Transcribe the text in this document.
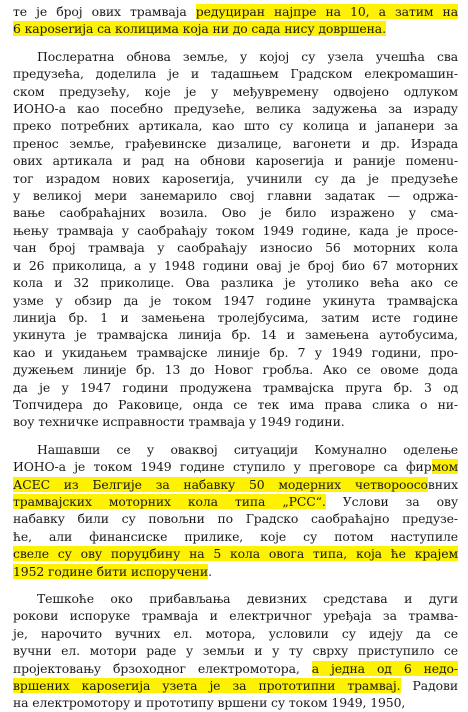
те је број ових трамваја редуциран најпре на 10, а затим на
6 кароserија са колицима која ни до сада нису довршена.
Послератна обнова земље, у којој су узела учешћа сва
предузећа, доделила је и тадашњем Градском елекромашин-
ском предузећу, које је у међувремену одвојено одлуком
ИОНО-а као посебно предузеће, велика задужења за израду
преко потребних артикала, као што су колица и јапанери за
пренос земље, грађевинске дизалице, вагонети и др. Израда
ових артикала и рад на обнови кароserија и раније поменu-
тог израдом нових кароserија, учинили су да је предузеће
у великој мери занемарило свој главни задатак — одржа-
вање саобраћајних возила. Ово је било изражено у смa-
њењу трамваја у саобраћају током 1949 године, када је просе-
чан број трамваја у саобраћају износио 56 моторних кола
и 26 приколица, а у 1948 години овај је број био 67 моторних
кола и 32 приколице. Ова разлика је утолико већа ако се
узме у обзир да је током 1947 године укинута трамвајска
линија бр. 1 и замењена тролејбусима, затим исте године
укинута је трамвајска линија бр. 14 и замењена аутобусима,
као и укидањем трамвајске линије бр. 7 у 1949 години, про-
дужењем линије бр. 13 до Новог гробља. Ако се овоме дода
да је у 1947 години продужена трамвајска пруга бр. 3 од
Топчидера до Раковице, онда се тек има права слика о ни-
воу техничке исправности трамваја у 1949 години.
Нашавши се у оваквој ситуацији Комунално оделење
ИОНО-а је током 1949 године ступило у преговоре са фирмом
АСЕС из Белгије за набавку 50 модерних четвороосовних
трамвајских моторних кола типа „РСС“. Услови за ову
набавку били су повољни по Градско саобраћајно предузе-
ће, али финансиске прилике, које су потом наступиле
свеле су ову поруџбину на 5 кола овога типа, која ће крајем
1952 године бити испоручени.
Тешкоће око прибављања девизних средстава и дуги
рокови испоруке трамваја и електричног уређаја за трамва-
је, нарочито вучних ел. мотора, условили су идеју да се
вучни ел. мотори раде у земљи и у ту сврху приступило се
пројектовању брзоходног електромотора, а једна од 6 недо-
вршених кароserија узета је за прототипни трамвај. Радови
на електромотору и прототипу вршени су током 1949, 1950,
